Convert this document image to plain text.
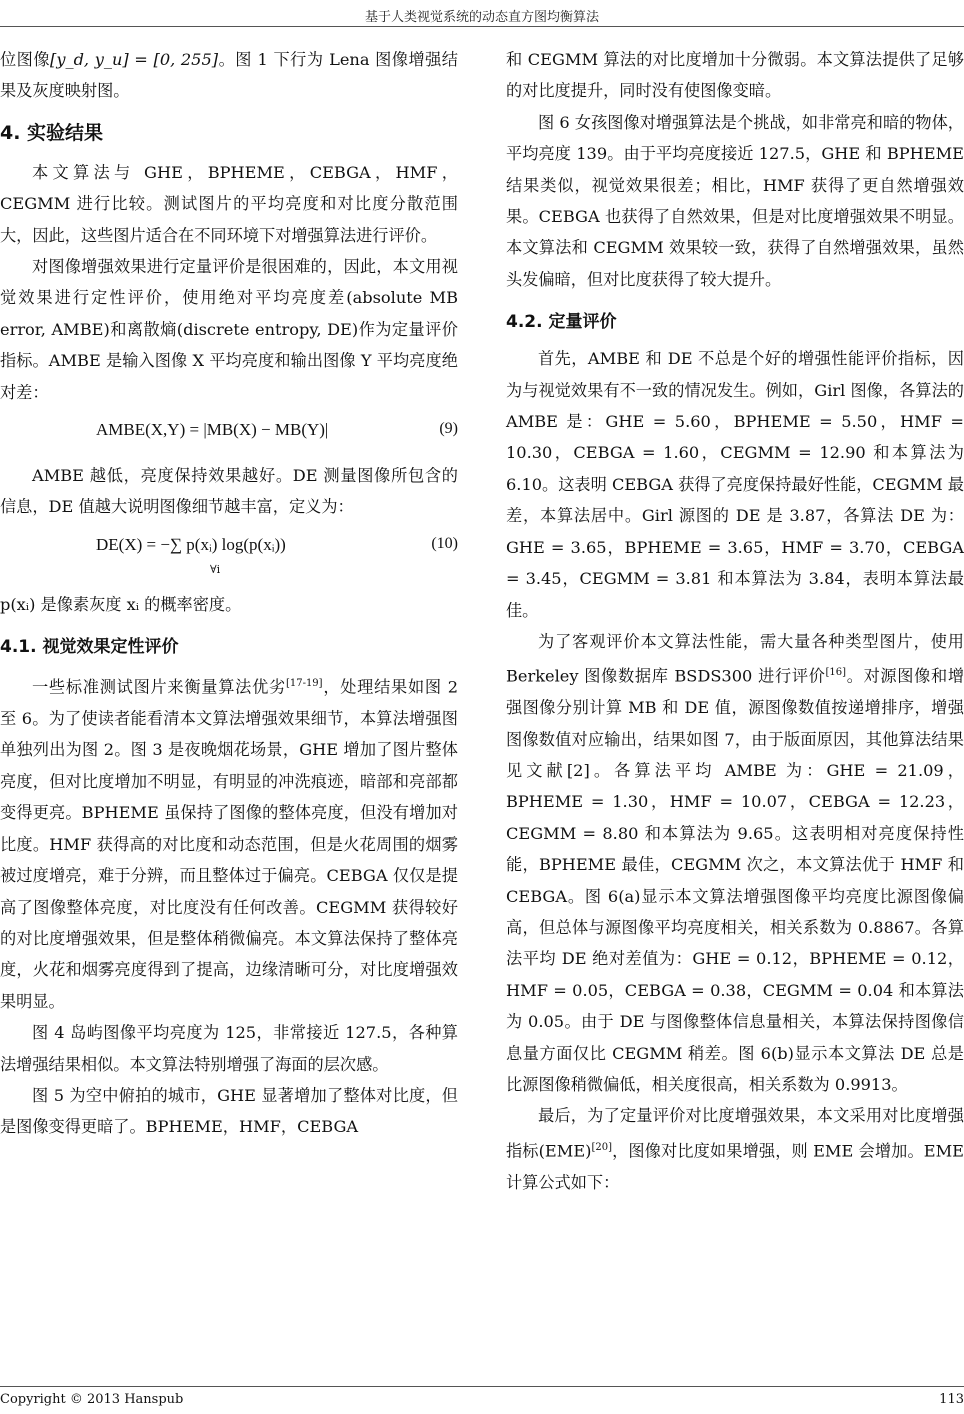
基于人类视觉系统的动态直方图均衡算法

位图像[y_d, y_u] = [0, 255]。图 1 下行为 Lena 图像增强结果及灰度映射图。

4. 实验结果

本文算法与 GHE，BPHEME，CEBGA，HMF，CEGMM 进行比较。测试图片的平均亮度和对比度分散范围大，因此，这些图片适合在不同环境下对增强算法进行评价。

对图像增强效果进行定量评价是很困难的，因此，本文用视觉效果进行定性评价，使用绝对平均亮度差(absolute MB error, AMBE)和离散熵(discrete entropy, DE)作为定量评价指标。AMBE 是输入图像 X 平均亮度和输出图像 Y 平均亮度绝对差：

AMBE(X,Y) = |MB(X) − MB(Y)|	(9)

AMBE 越低，亮度保持效果越好。DE 测量图像所包含的信息，DE 值越大说明图像细节越丰富，定义为：

DE(X) = −∑ p(xᵢ) log(p(xᵢ))
∀i
(10)

p(xᵢ) 是像素灰度 xᵢ 的概率密度。

4.1. 视觉效果定性评价

一些标准测试图片来衡量算法优劣[17-19]，处理结果如图 2 至 6。为了使读者能看清本文算法增强效果细节，本算法增强图单独列出为图 2。图 3 是夜晚烟花场景，GHE 增加了图片整体亮度，但对比度增加不明显，有明显的冲洗痕迹，暗部和亮部都变得更亮。BPHEME 虽保持了图像的整体亮度，但没有增加对比度。HMF 获得高的对比度和动态范围，但是火花周围的烟雾被过度增亮，难于分辨，而且整体过于偏亮。CEBGA 仅仅是提高了图像整体亮度，对比度没有任何改善。CEGMM 获得较好的对比度增强效果，但是整体稍微偏亮。本文算法保持了整体亮度，火花和烟雾亮度得到了提高，边缘清晰可分，对比度增强效果明显。

图 4 岛屿图像平均亮度为 125，非常接近 127.5，各种算法增强结果相似。本文算法特别增强了海面的层次感。

图 5 为空中俯拍的城市，GHE 显著增加了整体对比度，但是图像变得更暗了。BPHEME，HMF，CEBGA

和 CEGMM 算法的对比度增加十分微弱。本文算法提供了足够的对比度提升，同时没有使图像变暗。

图 6 女孩图像对增强算法是个挑战，如非常亮和暗的物体，平均亮度 139。由于平均亮度接近 127.5，GHE 和 BPHEME 结果类似，视觉效果很差；相比，HMF 获得了更自然增强效果。CEBGA 也获得了自然效果，但是对比度增强效果不明显。本文算法和 CEGMM 效果较一致，获得了自然增强效果，虽然头发偏暗，但对比度获得了较大提升。

4.2. 定量评价

首先，AMBE 和 DE 不总是个好的增强性能评价指标，因为与视觉效果有不一致的情况发生。例如，Girl 图像，各算法的 AMBE 是：GHE = 5.60，BPHEME = 5.50，HMF = 10.30，CEBGA = 1.60，CEGMM = 12.90 和本算法为 6.10。这表明 CEBGA 获得了亮度保持最好性能，CEGMM 最差，本算法居中。Girl 源图的 DE 是 3.87，各算法 DE 为：GHE = 3.65，BPHEME = 3.65，HMF = 3.70，CEBGA = 3.45，CEGMM = 3.81 和本算法为 3.84，表明本算法最佳。

为了客观评价本文算法性能，需大量各种类型图片，使用 Berkeley 图像数据库 BSDS300 进行评价[16]。对源图像和增强图像分别计算 MB 和 DE 值，源图像数值按递增排序，增强图像数值对应输出，结果如图 7，由于版面原因，其他算法结果见文献[2]。各算法平均 AMBE 为：GHE = 21.09，BPHEME = 1.30，HMF = 10.07，CEBGA = 12.23，CEGMM = 8.80 和本算法为 9.65。这表明相对亮度保持性能，BPHEME 最佳，CEGMM 次之，本文算法优于 HMF 和 CEBGA。图 6(a)显示本文算法增强图像平均亮度比源图像偏高，但总体与源图像平均亮度相关，相关系数为 0.8867。各算法平均 DE 绝对差值为：GHE = 0.12，BPHEME = 0.12，HMF = 0.05，CEBGA = 0.38，CEGMM = 0.04 和本算法为 0.05。由于 DE 与图像整体信息量相关，本算法保持图像信息量方面仅比 CEGMM 稍差。图 6(b)显示本文算法 DE 总是比源图像稍微偏低，相关度很高，相关系数为 0.9913。

最后，为了定量评价对比度增强效果，本文采用对比度增强指标(EME)[20]，图像对比度如果增强，则 EME 会增加。EME 计算公式如下：

Copyright © 2013 Hanspub	113
